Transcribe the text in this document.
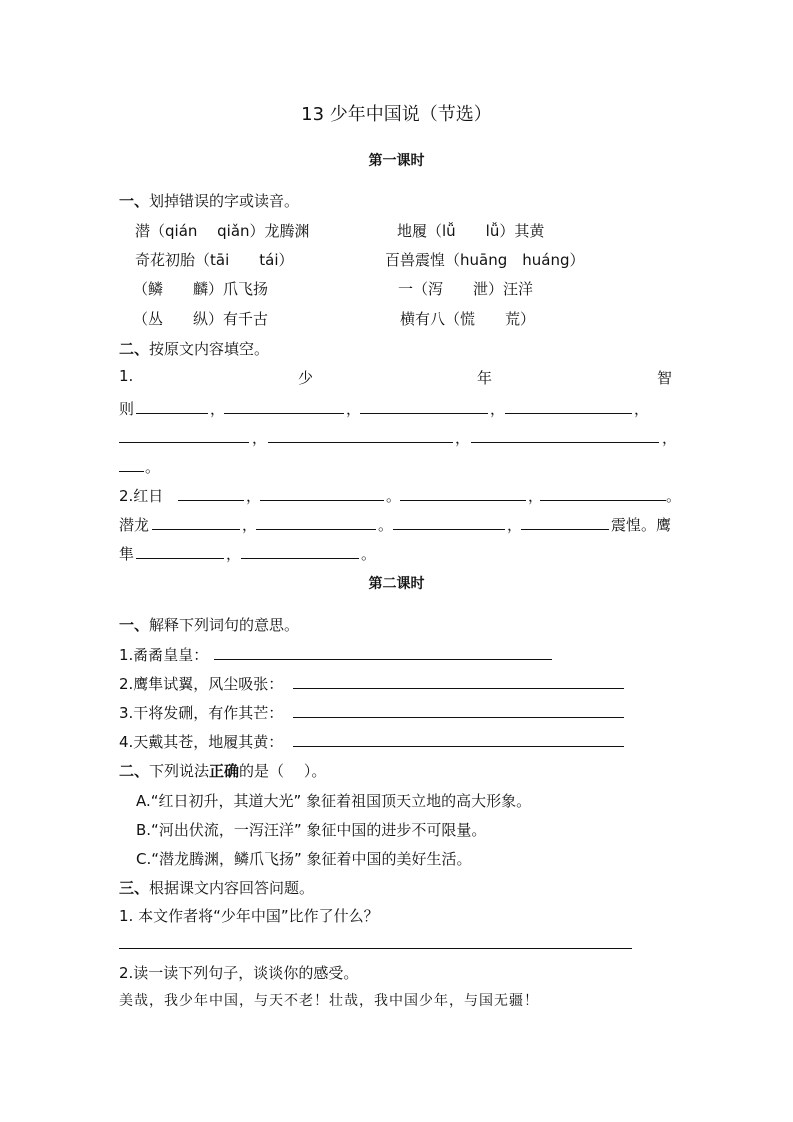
13 少年中国说（节选）
第一课时
一、划掉错误的字或读音。
潜（qián　 qiǎn）龙腾渊	地履（lǚ　　lǚ）其黄
奇花初胎（tāi　　tái）	百兽震惶（huāng　huáng）
（鳞　　麟）爪飞扬	一（泻　　泄）汪洋
（丛　　纵）有千古	横有八（慌　　荒）
二、按原文内容填空。
1.	少	年	智
则	，	，	，	，
，	，	，
。
2.红日	，	。	，	。
潜龙	，	。	，	震惶。鹰
隼	，	。
第二课时
一、解释下列词句的意思。
1.矞矞皇皇：
2.鹰隼试翼，风尘吸张：
3.干将发硎，有作其芒：
4.天戴其苍，地履其黄：
二、下列说法正确的是（　 ）。
A.“红日初升，其道大光” 象征着祖国顶天立地的高大形象。
B.“河出伏流，一泻汪洋” 象征中国的进步不可限量。
C.“潜龙腾渊，鳞爪飞扬” 象征着中国的美好生活。
三、根据课文内容回答问题。
1. 本文作者将“少年中国”比作了什么？
2.读一读下列句子，谈谈你的感受。
美哉，我少年中国，与天不老！壮哉，我中国少年，与国无疆！
